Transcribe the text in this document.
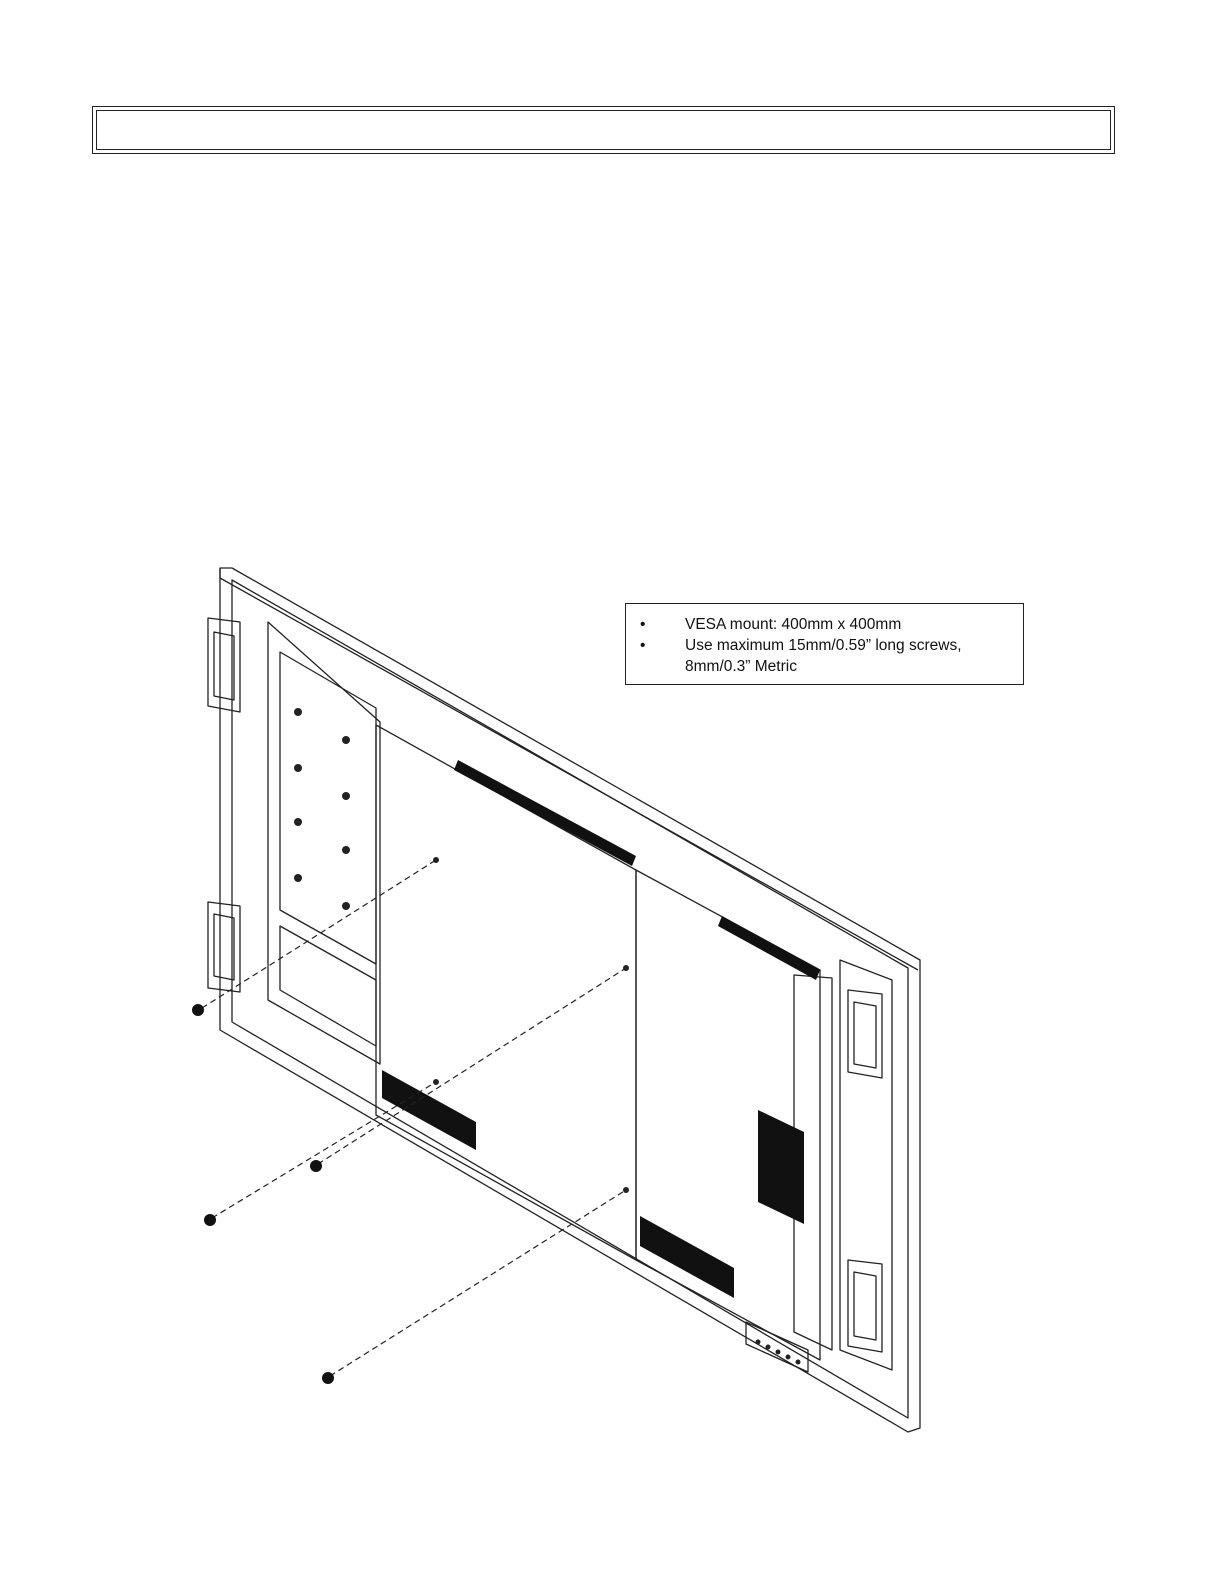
•	VESA mount: 400mm x 400mm
•	Use maximum 15mm/0.59” long screws, 8mm/0.3” Metric
